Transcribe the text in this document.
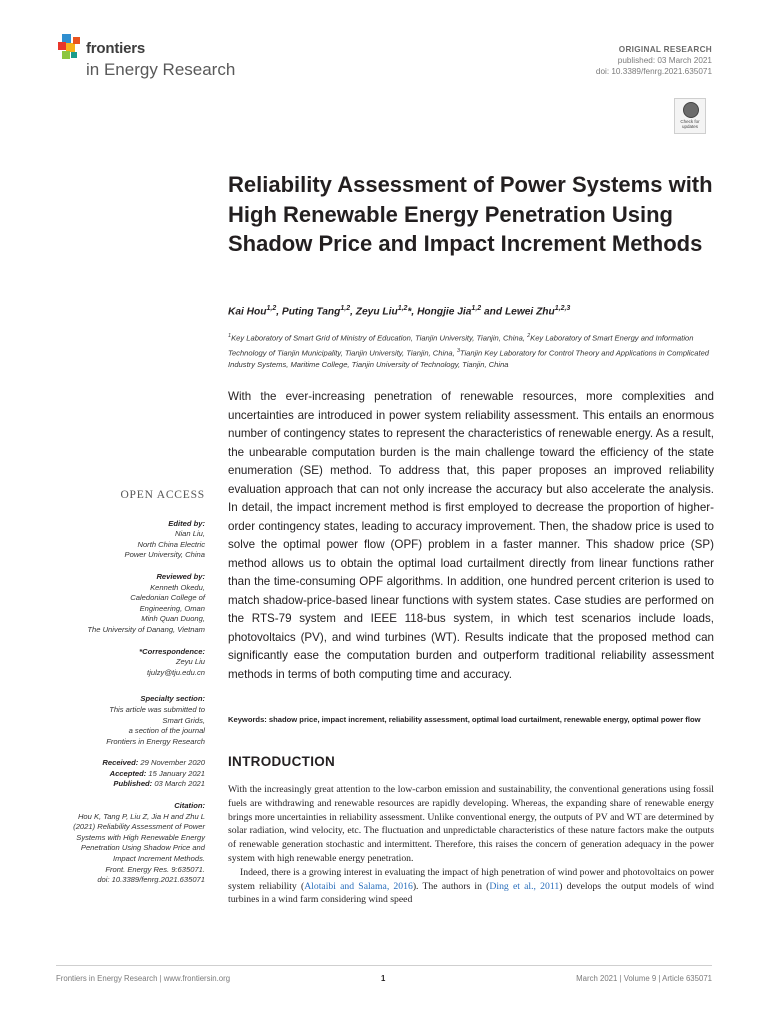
frontiers
in Energy Research
ORIGINAL RESEARCH
published: 03 March 2021
doi: 10.3389/fenrg.2021.635071
Check for updates
Reliability Assessment of Power Systems with High Renewable Energy Penetration Using Shadow Price and Impact Increment Methods
Kai Hou$^{1,2}$, Puting Tang$^{1,2}$, Zeyu Liu$^{1,2}$*, Hongjie Jia$^{1,2}$ and Lewei Zhu$^{1,2,3}$
$^1$Key Laboratory of Smart Grid of Ministry of Education, Tianjin University, Tianjin, China, $^2$Key Laboratory of Smart Energy and Information Technology of Tianjin Municipality, Tianjin University, Tianjin, China, $^3$Tianjin Key Laboratory for Control Theory and Applications in Complicated Industry Systems, Maritime College, Tianjin University of Technology, Tianjin, China
With the ever-increasing penetration of renewable resources, more complexities and uncertainties are introduced in power system reliability assessment. This entails an enormous number of contingency states to represent the characteristics of renewable energy. As a result, the unbearable computation burden is the main challenge toward the efficiency of the state enumeration (SE) method. To address that, this paper proposes an improved reliability evaluation approach that can not only increase the accuracy but also accelerate the analysis. In detail, the impact increment method is first employed to decrease the proportion of higher-order contingency states, leading to accuracy improvement. Then, the shadow price is used to solve the optimal power flow (OPF) problem in a faster manner. This shadow price (SP) method allows us to obtain the optimal load curtailment directly from linear functions rather than the time-consuming OPF algorithms. In addition, one hundred percent criterion is used to match shadow-price-based linear functions with system states. Case studies are performed on the RTS-79 system and IEEE 118-bus system, in which test scenarios include loads, photovoltaics (PV), and wind turbines (WT). Results indicate that the proposed method can significantly ease the computation burden and outperform traditional reliability assessment methods in terms of both computing time and accuracy.
Keywords: shadow price, impact increment, reliability assessment, optimal load curtailment, renewable energy, optimal power flow
OPEN ACCESS
Edited by:
Nian Liu,
North China Electric
Power University, China
Reviewed by:
Kenneth Okedu,
Caledonian College of
Engineering, Oman
Minh Quan Duong,
The University of Danang, Vietnam
*Correspondence:
Zeyu Liu
tjulzy@tju.edu.cn
Specialty section:
This article was submitted to
Smart Grids,
a section of the journal
Frontiers in Energy Research
Received: 29 November 2020
Accepted: 15 January 2021
Published: 03 March 2021
Citation:
Hou K, Tang P, Liu Z, Jia H and Zhu L
(2021) Reliability Assessment of Power
Systems with High Renewable Energy
Penetration Using Shadow Price and
Impact Increment Methods.
Front. Energy Res. 9:635071.
doi: 10.3389/fenrg.2021.635071
INTRODUCTION

With the increasingly great attention to the low-carbon emission and sustainability, the conventional generations using fossil fuels are withdrawing and renewable resources are rapidly developing. Whereas, the expanding share of renewable energy brings more uncertainties in reliability assessment. Unlike conventional energy, the outputs of PV and WT are determined by solar radiation, wind velocity, etc. The fluctuation and unpredictable characteristics of these nature factors make the outputs of renewable generation stochastic and intermittent. Therefore, this raises the concern of generation adequacy in the power system with high renewable energy penetration.

Indeed, there is a growing interest in evaluating the impact of high penetration of wind power and photovoltaics on power system reliability (Alotaibi and Salama, 2016). The authors in (Ding et al., 2011) develops the output models of wind turbines in a wind farm considering wind speed

Frontiers in Energy Research | www.frontiersin.org	1	March 2021 | Volume 9 | Article 635071
